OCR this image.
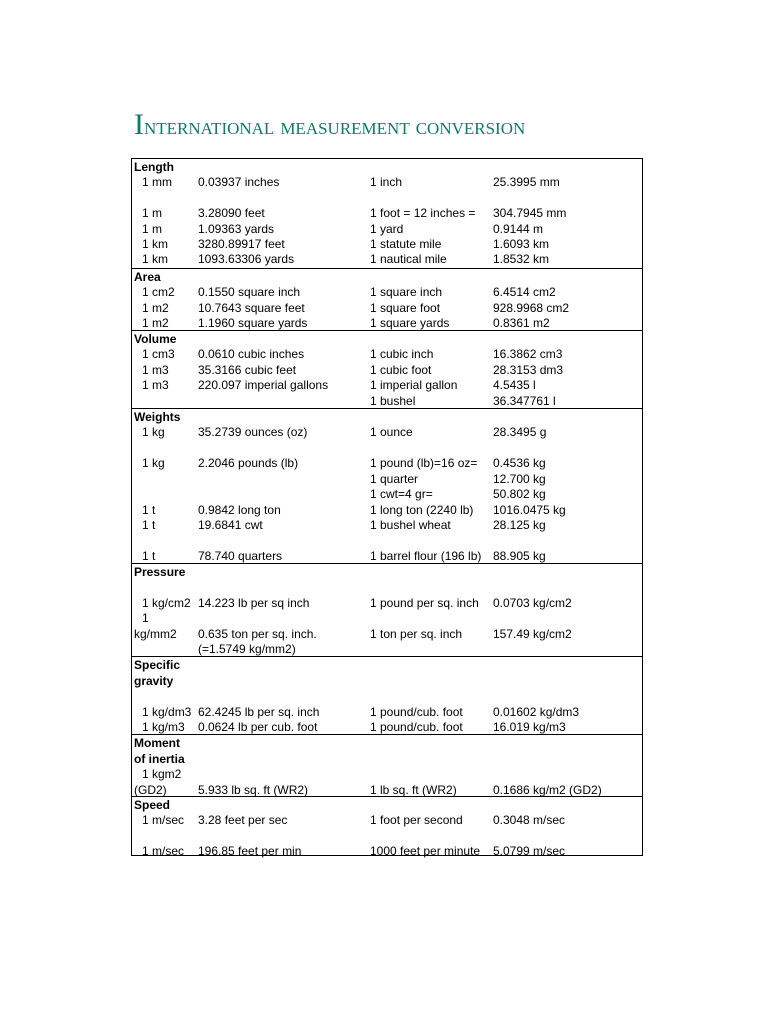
International measurement conversion
Length
1 mm 0.03937 inches	1 inch	25.3995 mm
1 m	3.28090 feet	1 foot = 12 inches = 304.7945 mm
1 m	1.09363 yards	1 yard	0.9144 m
1 km 3280.89917 feet	1 statute mile	1.6093 km
1 km 1093.63306 yards	1 nautical mile	1.8532 km
Area
1 cm2 0.1550 square inch	1 square inch	6.4514 cm2
1 m2 10.7643 square feet	1 square foot	928.9968 cm2
1 m2 1.1960 square yards	1 square yards	0.8361 m2
Volume
1 cm3 0.0610 cubic inches	1 cubic inch	16.3862 cm3
1 m3 35.3166 cubic feet	1 cubic foot	28.3153 dm3
1 m3 220.097 imperial gallons	1 imperial gallon	4.5435 l
1 bushel	36.347761 l
Weights
1 kg	35.2739 ounces (oz)	1 ounce	28.3495 g
1 kg	2.2046 pounds (lb)	1 pound (lb)=16 oz= 0.4536 kg
1 quarter	12.700 kg
1 cwt=4 gr=	50.802 kg
1 t	0.9842 long ton	1 long ton (2240 lb) 1016.0475 kg
1 t	19.6841 cwt	1 bushel wheat	28.125 kg
1 t	78.740 quarters	1 barrel flour (196 lb) 88.905 kg
Pressure
1 kg/cm2 14.223 lb per sq inch	1 pound per sq. inch 0.0703 kg/cm2
1
kg/mm2 0.635 ton per sq. inch.	1 ton per sq. inch	157.49 kg/cm2
(=1.5749 kg/mm2)
Specific
gravity
1 kg/dm3 62.4245 lb per sq. inch	1 pound/cub. foot	0.01602 kg/dm3
1 kg/m3 0.0624 lb per cub. foot	1 pound/cub. foot	16.019 kg/m3
Moment
of inertia
1 kgm2
(GD2)	5.933 lb sq. ft (WR2)	1 lb sq. ft (WR2)	0.1686 kg/m2 (GD2)
Speed
1 m/sec 3.28 feet per sec	1 foot per second	0.3048 m/sec
1 m/sec 196.85 feet per min	1000 feet per minute 5.0799 m/sec
